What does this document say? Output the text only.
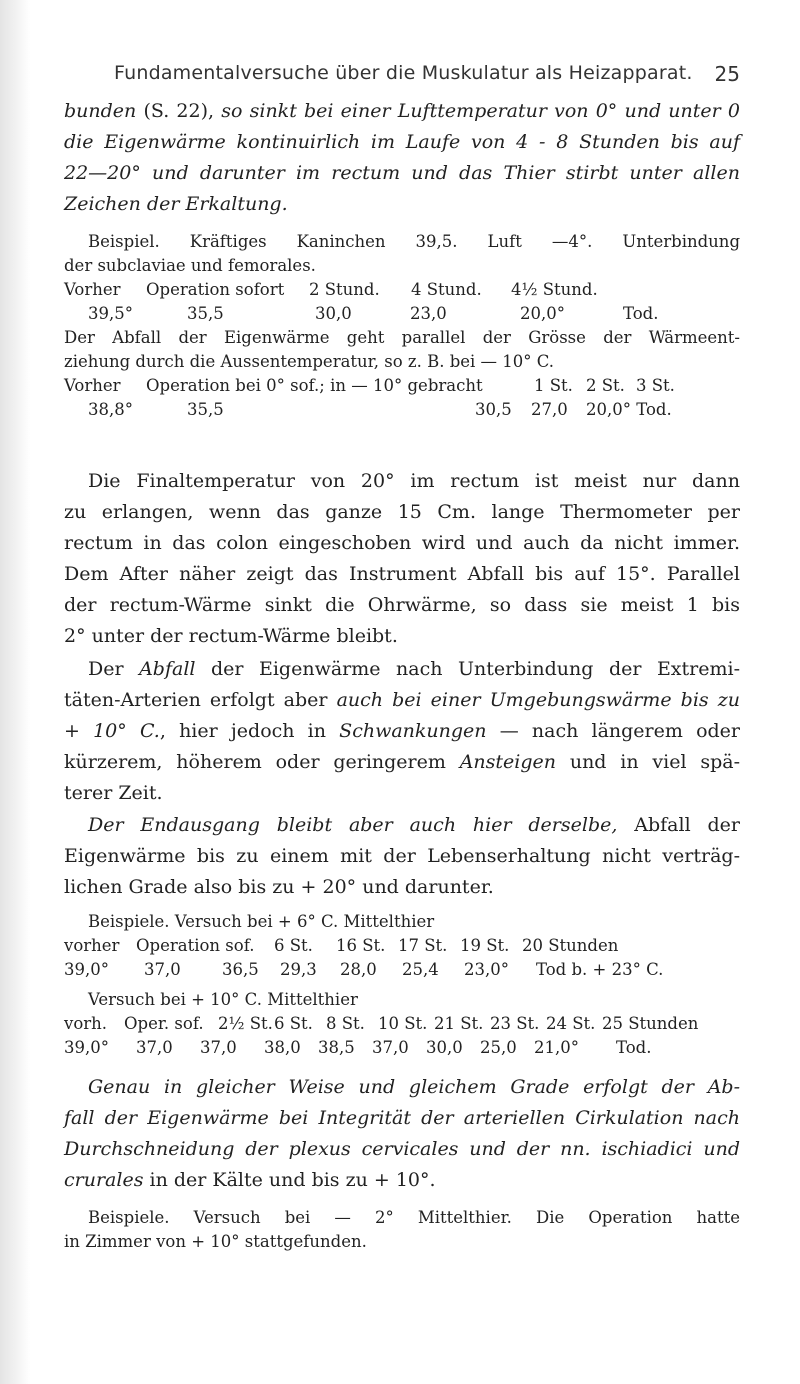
Fundamentalversuche über die Muskulatur als Heizapparat. 25
bunden (S. 22), so sinkt bei einer Lufttemperatur von 0° und unter 0
die Eigenwärme kontinuirlich im Laufe von 4 - 8 Stunden bis auf
22—20° und darunter im rectum und das Thier stirbt unter allen
Zeichen der Erkaltung.
Beispiel. Kräftiges Kaninchen 39,5. Luft —4°. Unterbindung
der subclaviae und femorales.
Vorher	Operation sofort	2 Stund.	4 Stund.	4½ Stund.
39,5°	35,5	30,0	23,0	20,0°	Tod.
Der Abfall der Eigenwärme geht parallel der Grösse der Wärmeent-
ziehung durch die Aussentemperatur, so z. B. bei — 10° C.
Vorher	Operation bei 0° sof.; in — 10° gebracht	1 St. 2 St. 3 St.
38,8°	35,5	30,5	27,0	20,0° Tod.
Die Finaltemperatur von 20° im rectum ist meist nur dann
zu erlangen, wenn das ganze 15 Cm. lange Thermometer per
rectum in das colon eingeschoben wird und auch da nicht immer.
Dem After näher zeigt das Instrument Abfall bis auf 15°. Parallel
der rectum-Wärme sinkt die Ohrwärme, so dass sie meist 1 bis
2° unter der rectum-Wärme bleibt.
Der Abfall der Eigenwärme nach Unterbindung der Extremi-
täten-Arterien erfolgt aber auch bei einer Umgebungswärme bis zu
+ 10° C., hier jedoch in Schwankungen — nach längerem oder
kürzerem, höherem oder geringerem Ansteigen und in viel spä-
terer Zeit.
Der Endausgang bleibt aber auch hier derselbe, Abfall der
Eigenwärme bis zu einem mit der Lebenserhaltung nicht verträg-
lichen Grade also bis zu + 20° und darunter.
Beispiele. Versuch bei + 6° C. Mittelthier
vorher	Operation sof.	6 St.	16 St. 17 St. 19 St. 20 Stunden
39,0°	37,0	36,5	29,3	28,0	25,4	23,0°	Tod b. + 23° C.
Versuch bei + 10° C. Mittelthier
vorh.	Oper. sof. 2½ St. 6 St. 8 St. 10 St. 21 St. 23 St. 24 St. 25 Stunden
39,0°	37,0	37,0	38,0	38,5	37,0	30,0	25,0	21,0°	Tod.
Genau in gleicher Weise und gleichem Grade erfolgt der Ab-
fall der Eigenwärme bei Integrität der arteriellen Cirkulation nach
Durchschneidung der plexus cervicales und der nn. ischiadici und
crurales in der Kälte und bis zu + 10°.
Beispiele. Versuch bei — 2° Mittelthier. Die Operation hatte
in Zimmer von + 10° stattgefunden.
